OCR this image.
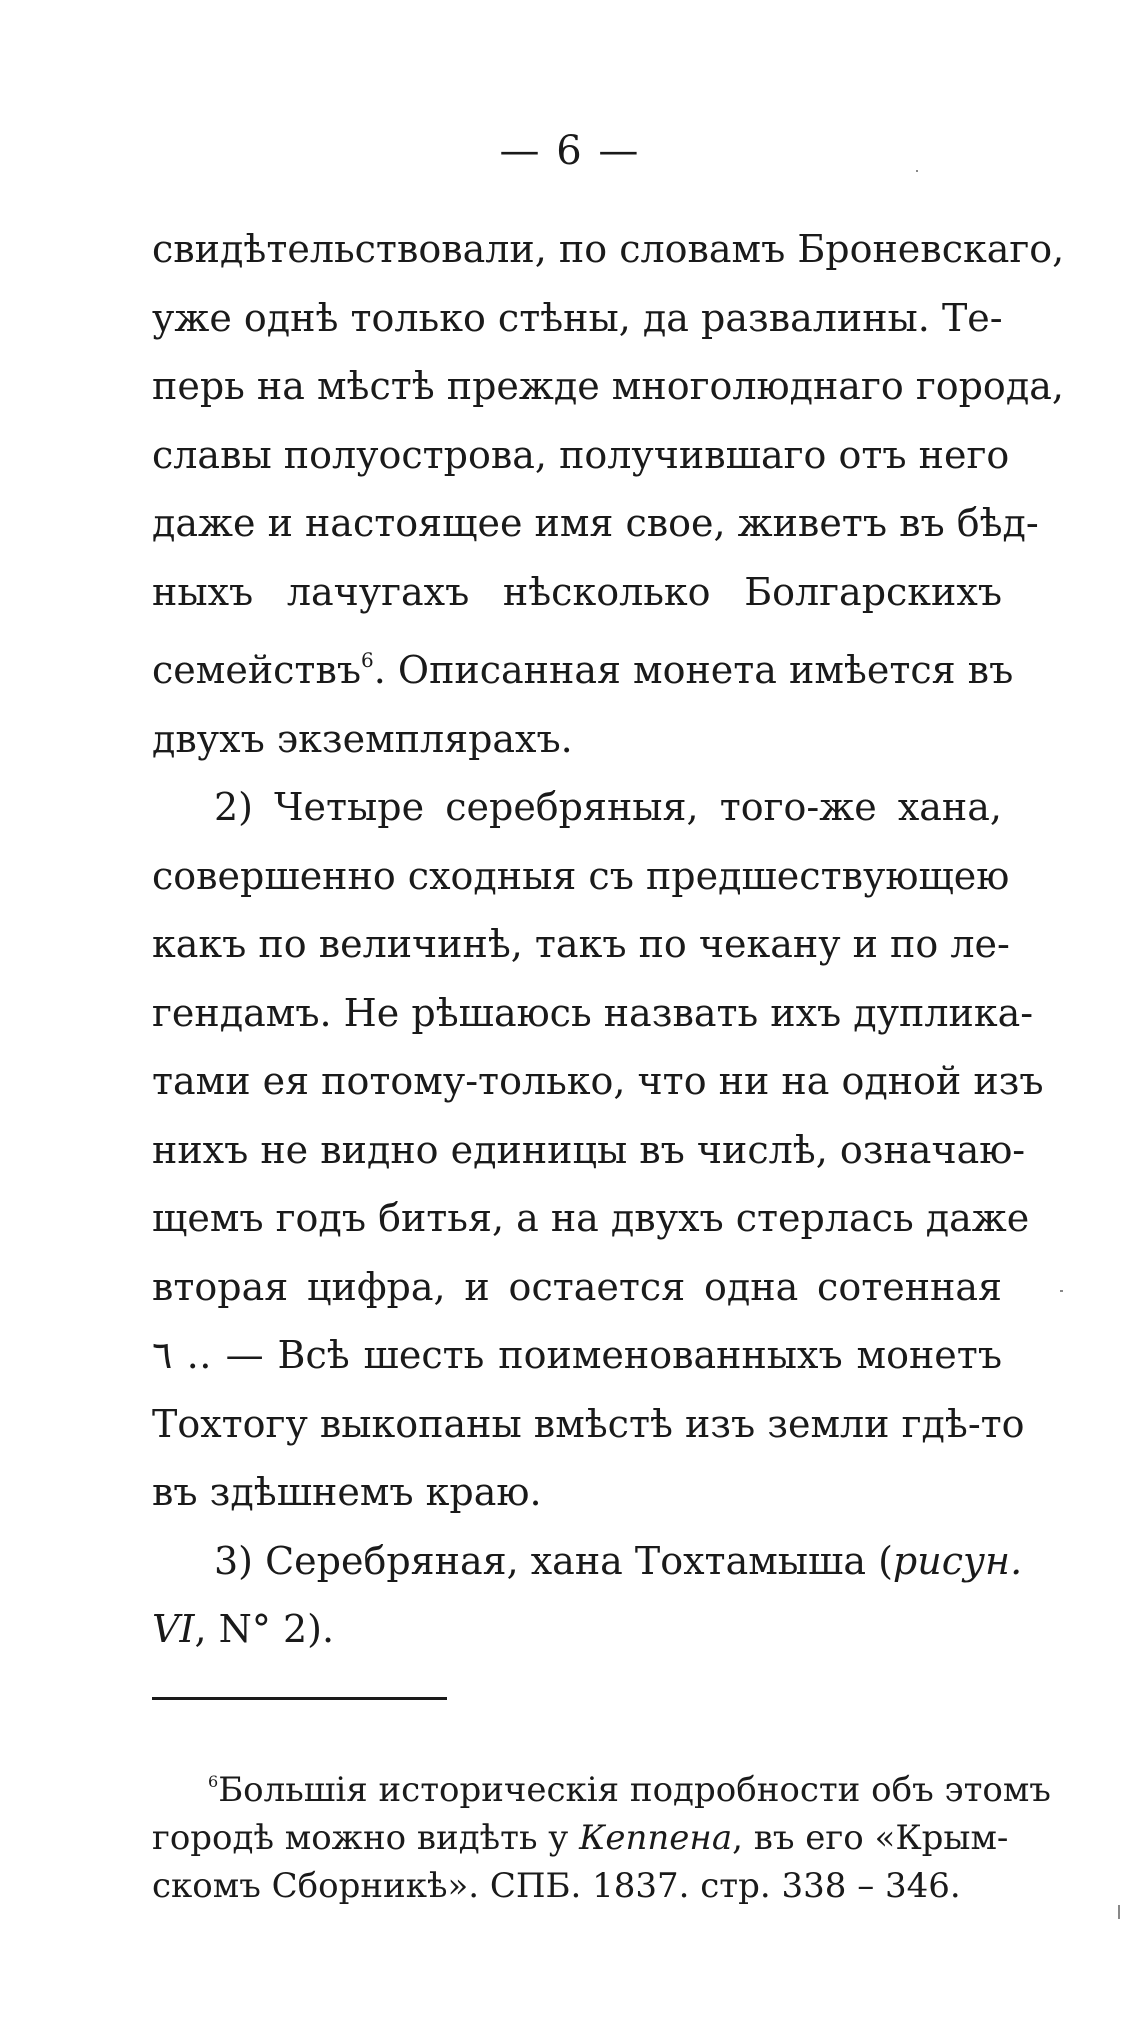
— 6 —
свидѣтельствовали, по словамъ Броневскаго,
уже однѣ только стѣны, да развалины. Те-
перь на мѣстѣ прежде многолюднаго города,
славы полуострова, получившаго отъ него
даже и настоящее имя свое, живетъ въ бѣд-
ныхъ лачугахъ нѣсколько Болгарскихъ
семействъ$^6$. Описанная монета имѣется въ
двухъ экземплярахъ.
2) Четыре серебряныя, того-же хана,
совершенно сходныя съ предшествующею
какъ по величинѣ, такъ по чекану и по ле-
гендамъ. Не рѣшаюсь назвать ихъ дуплика-
тами ея потому-только, что ни на одной изъ
нихъ не видно единицы въ числѣ, означаю-
щемъ годъ битья, а на двухъ стерлась даже
вторая цифра, и остается одна сотенная
٦ ‥ — Всѣ шесть поименованныхъ монетъ
Тохтогу выкопаны вмѣстѣ изъ земли гдѣ-то
въ здѣшнемъ краю.
3) Серебряная, хана Тохтамыша (рисун.
VI, N° 2).
$^6$Большія историческія подробности объ этомъ
городѣ можно видѣть у Кеппена, въ его «Крым-
скомъ Сборникѣ». СПБ. 1837. стр. 338 – 346.
